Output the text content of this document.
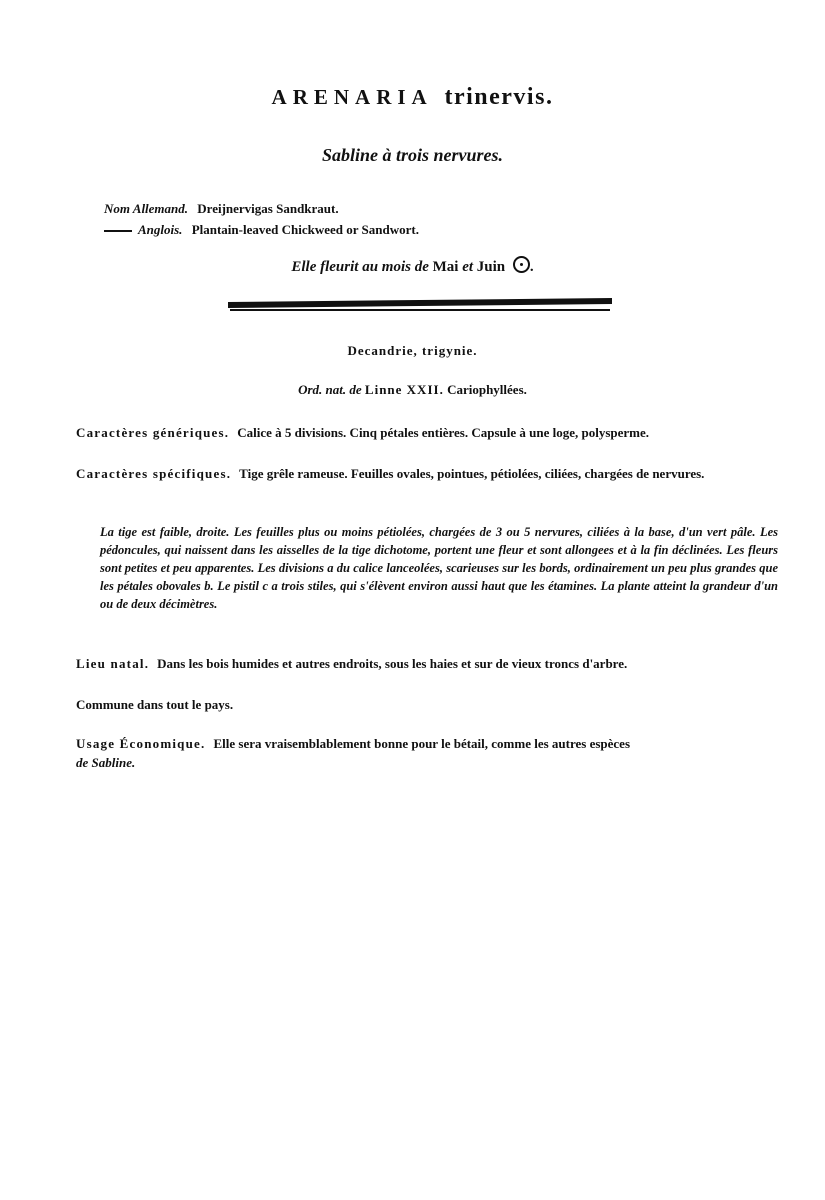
ARENARIA trinervis.
Sabline à trois nervures.
Nom Allemand. Dreijnervigas Sandkraut.
Anglois. Plantain-leaved Chickweed or Sandwort.
Elle fleurit au mois de Mai et Juin .
Decandrie, trigynie.
Ord. nat. de Linne XXII. Cariophyllées.
Caractères génériques. Calice à 5 divisions. Cinq pétales entières. Capsule à une loge, polysperme.
Caractères spécifiques. Tige grêle rameuse. Feuilles ovales, pointues, pétiolées, ciliées, chargées de nervures.
La tige est faible, droite. Les feuilles plus ou moins pétiolées, chargées de 3 ou 5 nervures, ciliées à la base, d'un vert pâle. Les pédoncules, qui naissent dans les aisselles de la tige dichotome, portent une fleur et sont allongees et à la fin déclinées. Les fleurs sont petites et peu apparentes. Les divisions a du calice lanceolées, scarieuses sur les bords, ordinairement un peu plus grandes que les pétales obovales b. Le pistil c a trois stiles, qui s'élèvent environ aussi haut que les étamines. La plante atteint la grandeur d'un ou de deux décimètres.
Lieu natal. Dans les bois humides et autres endroits, sous les haies et sur de vieux troncs d'arbre.
Commune dans tout le pays.
Usage Économique. Elle sera vraisemblablement bonne pour le bétail, comme les autres espèces
de Sabline.
